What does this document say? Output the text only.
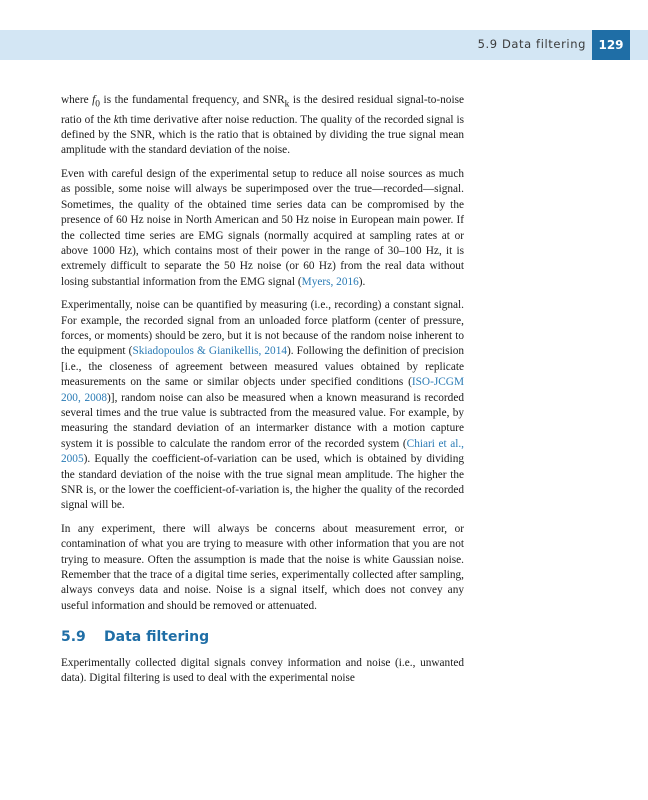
5.9 Data filtering	129

where $f_0$ is the fundamental frequency, and $SNR_k$ is the desired residual signal-to-noise ratio of the kth time derivative after noise reduction. The quality of the recorded signal is defined by the SNR, which is the ratio that is obtained by dividing the true signal mean amplitude with the standard deviation of the noise.

Even with careful design of the experimental setup to reduce all noise sources as much as possible, some noise will always be superimposed over the true—recorded—signal. Sometimes, the quality of the obtained time series data can be compromised by the presence of 60 Hz noise in North American and 50 Hz noise in European main power. If the collected time series are EMG signals (normally acquired at sampling rates at or above 1000 Hz), which contains most of their power in the range of 30–100 Hz, it is extremely difficult to separate the 50 Hz noise (or 60 Hz) from the real data without losing substantial information from the EMG signal (Myers, 2016).

Experimentally, noise can be quantified by measuring (i.e., recording) a constant signal. For example, the recorded signal from an unloaded force platform (center of pressure, forces, or moments) should be zero, but it is not because of the random noise inherent to the equipment (Skiadopoulos & Gianikellis, 2014). Following the definition of precision [i.e., the closeness of agreement between measured values obtained by replicate measurements on the same or similar objects under specified conditions (ISO-JCGM 200, 2008)], random noise can also be measured when a known measurand is recorded several times and the true value is subtracted from the measured value. For example, by measuring the standard deviation of an intermarker distance with a motion capture system it is possible to calculate the random error of the recorded system (Chiari et al., 2005). Equally the coefficient-of-variation can be used, which is obtained by dividing the standard deviation of the noise with the true signal mean amplitude. The higher the SNR is, or the lower the coefficient-of-variation is, the higher the quality of the recorded signal will be.

In any experiment, there will always be concerns about measurement error, or contamination of what you are trying to measure with other information that you are not trying to measure. Often the assumption is made that the noise is white Gaussian noise. Remember that the trace of a digital time series, experimentally collected after sampling, always conveys data and noise. Noise is a signal itself, which does not convey any useful information and should be removed or attenuated.

5.9	Data filtering

Experimentally collected digital signals convey information and noise (i.e., unwanted data). Digital filtering is used to deal with the experimental noise
